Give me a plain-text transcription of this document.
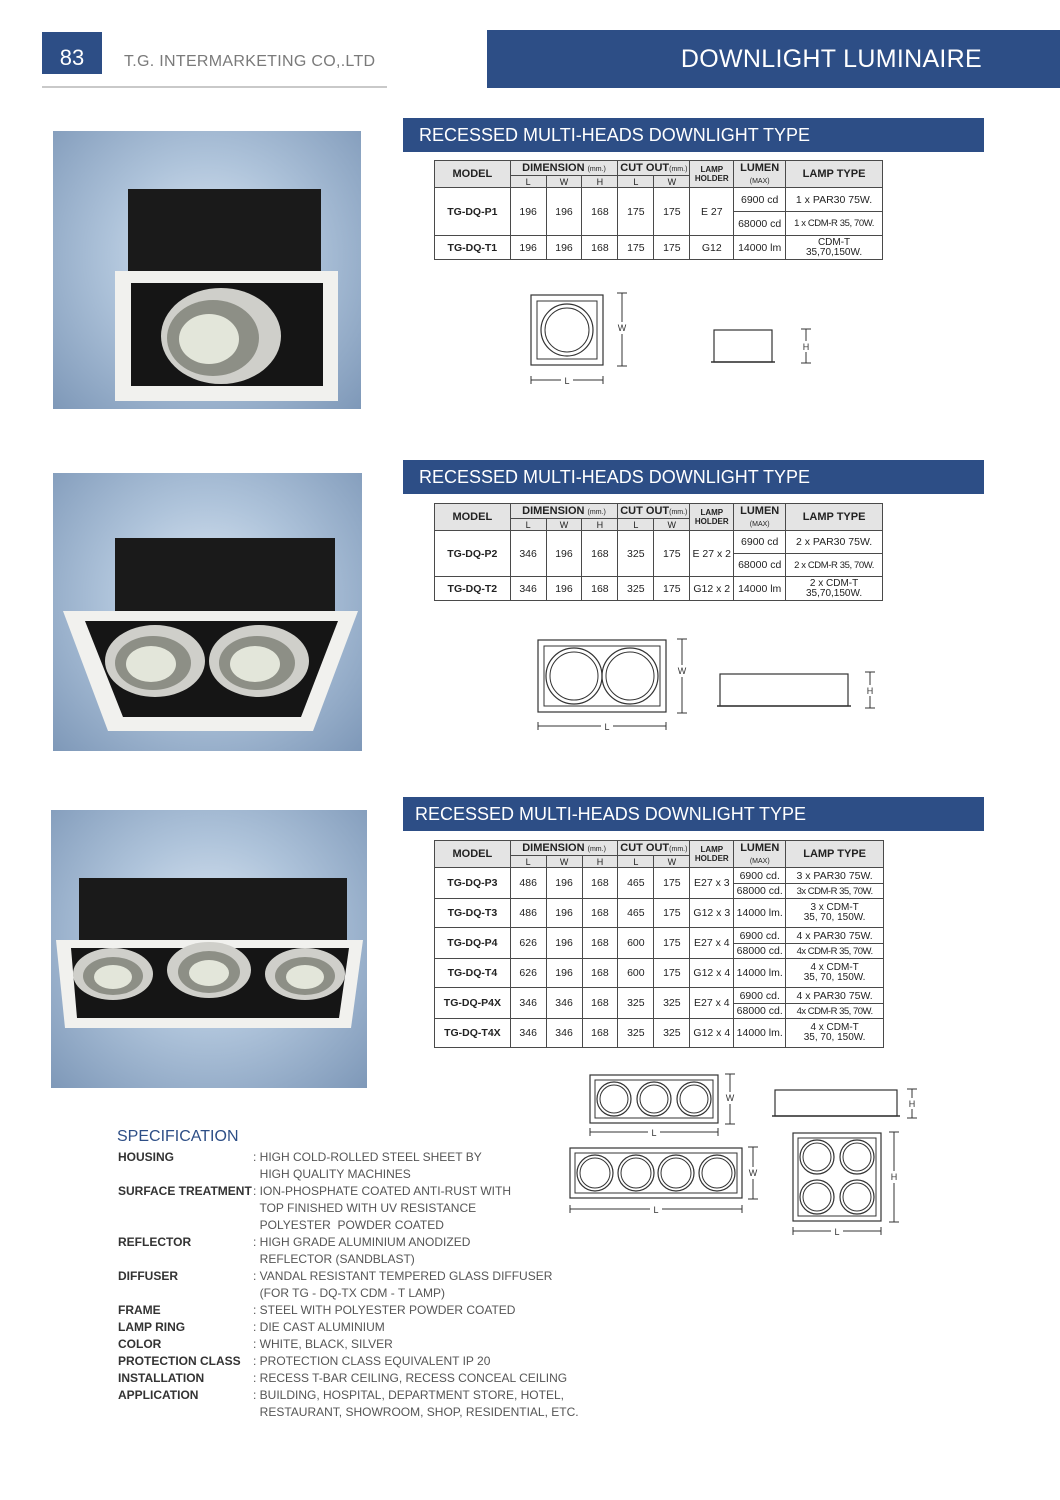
83	T.G. INTERMARKETING CO,.LTD	DOWNLIGHT LUMINAIRE
RECESSED MULTI-HEADS DOWNLIGHT TYPE
MODEL	DIMENSION (mm.)			CUT OUT(mm.)		LAMP
HOLDER	LUMEN
(MAX)	LAMP TYPE
	L	W	H	L	W			
TG-DQ-P1	196	196	168	175	175	E 27	6900 cd	1 x PAR30 75W.
							68000 cd	1 x CDM-R 35, 70W.
TG-DQ-T1	196	196	168	175	175	G12	14000 lm	CDM-T
35,70,150W.
W
L
H
RECESSED MULTI-HEADS DOWNLIGHT TYPE
MODEL	DIMENSION (mm.)			CUT OUT(mm.)		LAMP
HOLDER	LUMEN
(MAX)	LAMP TYPE
	L	W	H	L	W			
TG-DQ-P2	346	196	168	325	175	E 27 x 2	6900 cd	2 x PAR30 75W.
							68000 cd	2 x CDM-R 35, 70W.
TG-DQ-T2	346	196	168	325	175	G12 x 2	14000 lm	2 x CDM-T
35,70,150W.
W
L
H
RECESSED MULTI-HEADS DOWNLIGHT TYPE
MODEL	DIMENSION (mm.)			CUT OUT(mm.)		LAMP
HOLDER	LUMEN
(MAX)	LAMP TYPE
	L	W	H	L	W			
TG-DQ-P3	486	196	168	465	175	E27 x 3	6900 cd.	3 x PAR30 75W.
							68000 cd.	3x CDM-R 35, 70W.
TG-DQ-T3	486	196	168	465	175	G12 x 3	14000 lm.	3 x CDM-T
35, 70, 150W.
TG-DQ-P4	626	196	168	600	175	E27 x 4	6900 cd.	4 x PAR30 75W.
							68000 cd.	4x CDM-R 35, 70W.
TG-DQ-T4	626	196	168	600	175	G12 x 4	14000 lm.	4 x CDM-T
35, 70, 150W.
TG-DQ-P4X	346	346	168	325	325	E27 x 4	6900 cd.	4 x PAR30 75W.
							68000 cd.	4x CDM-R 35, 70W.
TG-DQ-T4X	346	346	168	325	325	G12 x 4	14000 lm.	4 x CDM-T
35, 70, 150W.
W
L
H
W
L
H
L
SPECIFICATION
HOUSING	: HIGH COLD-ROLLED STEEL SHEET BY
HIGH QUALITY MACHINES
SURFACE TREATMENT : ION-PHOSPHATE COATED ANTI-RUST WITH
TOP FINISHED WITH UV RESISTANCE
POLYESTER  POWDER COATED
REFLECTOR	: HIGH GRADE ALUMINIUM ANODIZED
REFLECTOR (SANDBLAST)
DIFFUSER	: VANDAL RESISTANT TEMPERED GLASS DIFFUSER
(FOR TG - DQ-TX CDM - T LAMP)
FRAME	: STEEL WITH POLYESTER POWDER COATED
LAMP RING	: DIE CAST ALUMINIUM
COLOR	: WHITE, BLACK, SILVER
PROTECTION CLASS	: PROTECTION CLASS EQUIVALENT IP 20
INSTALLATION	: RECESS T-BAR CEILING, RECESS CONCEAL CEILING
APPLICATION	: BUILDING, HOSPITAL, DEPARTMENT STORE, HOTEL,
RESTAURANT, SHOWROOM, SHOP, RESIDENTIAL, ETC.
